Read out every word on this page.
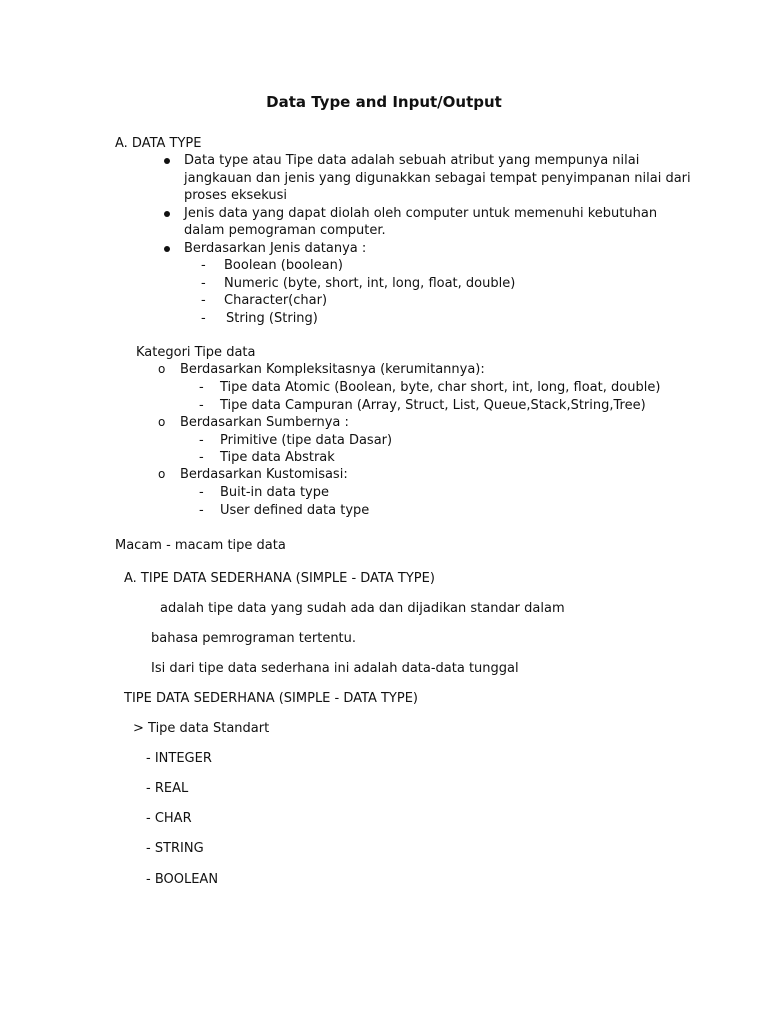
Data Type and Input/Output
A. DATA TYPE
Data type atau Tipe data adalah sebuah atribut yang mempunya nilai
jangkauan dan jenis yang digunakkan sebagai tempat penyimpanan nilai dari
proses eksekusi
Jenis data yang dapat diolah oleh computer untuk memenuhi kebutuhan
dalam pemograman computer.
Berdasarkan Jenis datanya :
- Boolean (boolean)
- Numeric (byte, short, int, long, float, double)
- Character(char)
- String (String)
Kategori Tipe data
o Berdasarkan Kompleksitasnya (kerumitannya):
- Tipe data Atomic (Boolean, byte, char short, int, long, float, double)
- Tipe data Campuran (Array, Struct, List, Queue,Stack,String,Tree)
o Berdasarkan Sumbernya :
- Primitive (tipe data Dasar)
- Tipe data Abstrak
o Berdasarkan Kustomisasi:
- Buit-in data type
- User defined data type
Macam - macam tipe data
A. TIPE DATA SEDERHANA (SIMPLE - DATA TYPE)
adalah tipe data yang sudah ada dan dijadikan standar dalam
bahasa pemrograman tertentu.
Isi dari tipe data sederhana ini adalah data-data tunggal
TIPE DATA SEDERHANA (SIMPLE - DATA TYPE)
> Tipe data Standart
- INTEGER
- REAL
- CHAR
- STRING
- BOOLEAN
